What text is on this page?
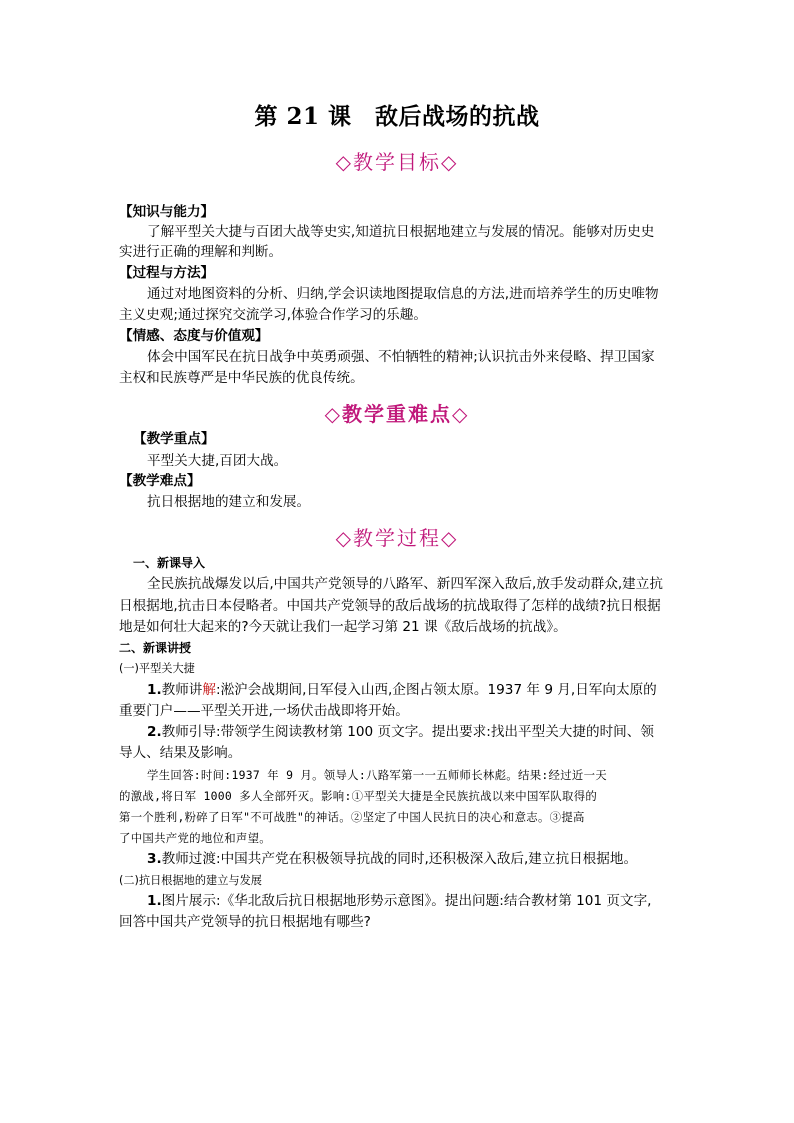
第 21 课　敌后战场的抗战
◇教学目标◇
【知识与能力】
了解平型关大捷与百团大战等史实,知道抗日根据地建立与发展的情况。能够对历史史
实进行正确的理解和判断。
【过程与方法】
通过对地图资料的分析、归纳,学会识读地图提取信息的方法,进而培养学生的历史唯物
主义史观;通过探究交流学习,体验合作学习的乐趣。
【情感、态度与价值观】
体会中国军民在抗日战争中英勇顽强、不怕牺牲的精神;认识抗击外来侵略、捍卫国家
主权和民族尊严是中华民族的优良传统。
◇教学重难点◇
【教学重点】
平型关大捷,百团大战。
【教学难点】
抗日根据地的建立和发展。
◇教学过程◇
一、新课导入
全民族抗战爆发以后,中国共产党领导的八路军、新四军深入敌后,放手发动群众,建立抗
日根据地,抗击日本侵略者。中国共产党领导的敌后战场的抗战取得了怎样的战绩?抗日根据
地是如何壮大起来的?今天就让我们一起学习第 21 课《敌后战场的抗战》。
二、新课讲授
(一)平型关大捷
1.教师讲解:淞沪会战期间,日军侵入山西,企图占领太原。1937 年 9 月,日军向太原的
重要门户——平型关开进,一场伏击战即将开始。
2.教师引导:带领学生阅读教材第 100 页文字。提出要求:找出平型关大捷的时间、领
导人、结果及影响。
学生回答:时间:1937 年 9 月。领导人:八路军第一一五师师长林彪。结果:经过近一天
的激战,将日军 1000 多人全部歼灭。影响:①平型关大捷是全民族抗战以来中国军队取得的
第一个胜利,粉碎了日军"不可战胜"的神话。②坚定了中国人民抗日的决心和意志。③提高
了中国共产党的地位和声望。
3.教师过渡:中国共产党在积极领导抗战的同时,还积极深入敌后,建立抗日根据地。
(二)抗日根据地的建立与发展
1.图片展示:《华北敌后抗日根据地形势示意图》。提出问题:结合教材第 101 页文字,
回答中国共产党领导的抗日根据地有哪些?
